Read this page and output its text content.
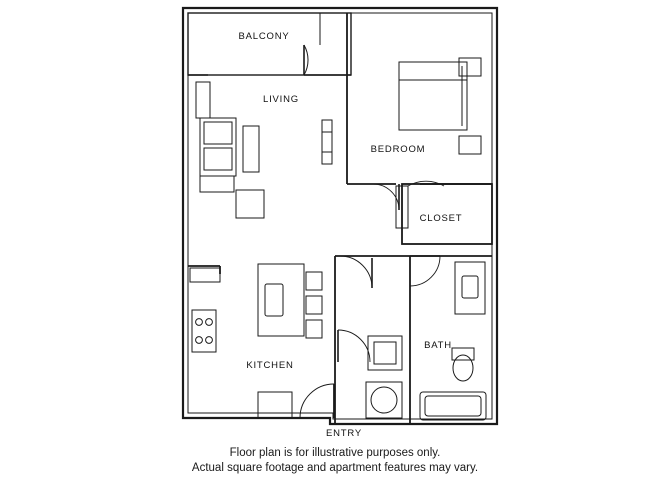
BALCONY
LIVING
BEDROOM
CLOSET
BATH
KITCHEN
ENTRY
Floor plan is for illustrative purposes only.
Actual square footage and apartment features may vary.
